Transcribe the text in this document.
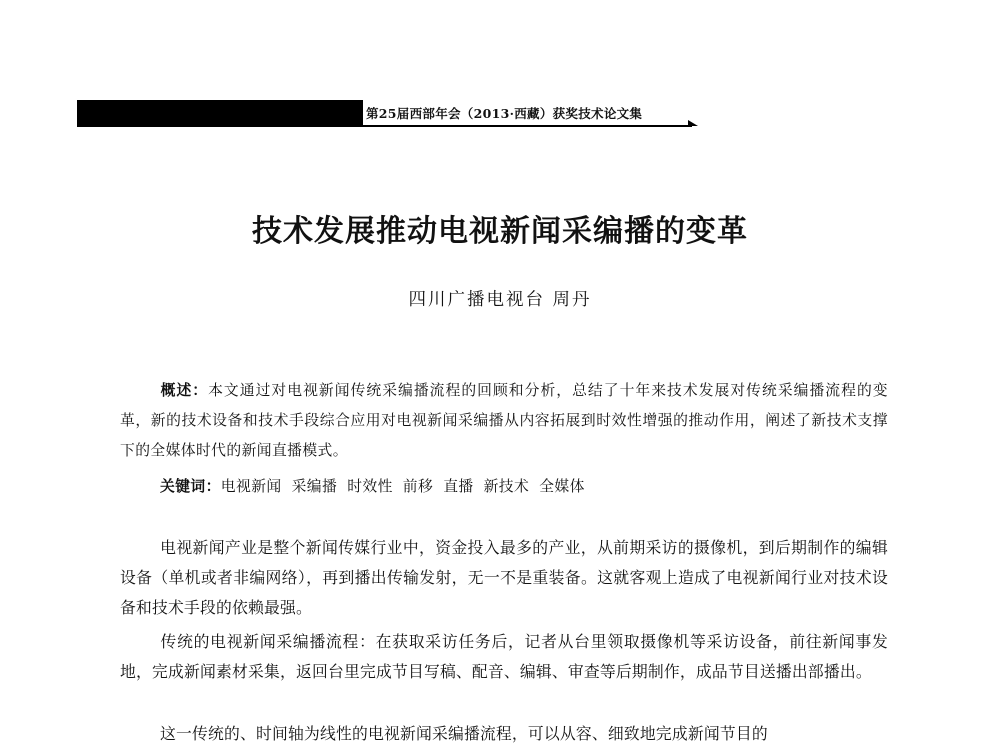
第25届西部年会（2013·西藏）获奖技术论文集
技术发展推动电视新闻采编播的变革
四川广播电视台 周丹
概述：本文通过对电视新闻传统采编播流程的回顾和分析，总结了十年来技术发展对传统采编播流程的变革，新的技术设备和技术手段综合应用对电视新闻采编播从内容拓展到时效性增强的推动作用，阐述了新技术支撑下的全媒体时代的新闻直播模式。
关键词：电视新闻 采编播 时效性 前移 直播 新技术 全媒体
电视新闻产业是整个新闻传媒行业中，资金投入最多的产业，从前期采访的摄像机，到后期制作的编辑设备（单机或者非编网络），再到播出传输发射，无一不是重装备。这就客观上造成了电视新闻行业对技术设备和技术手段的依赖最强。
传统的电视新闻采编播流程：在获取采访任务后，记者从台里领取摄像机等采访设备，前往新闻事发地，完成新闻素材采集，返回台里完成节目写稿、配音、编辑、审查等后期制作，成品节目送播出部播出。
这一传统的、时间轴为线性的电视新闻采编播流程，可以从容、细致地完成新闻节目的
